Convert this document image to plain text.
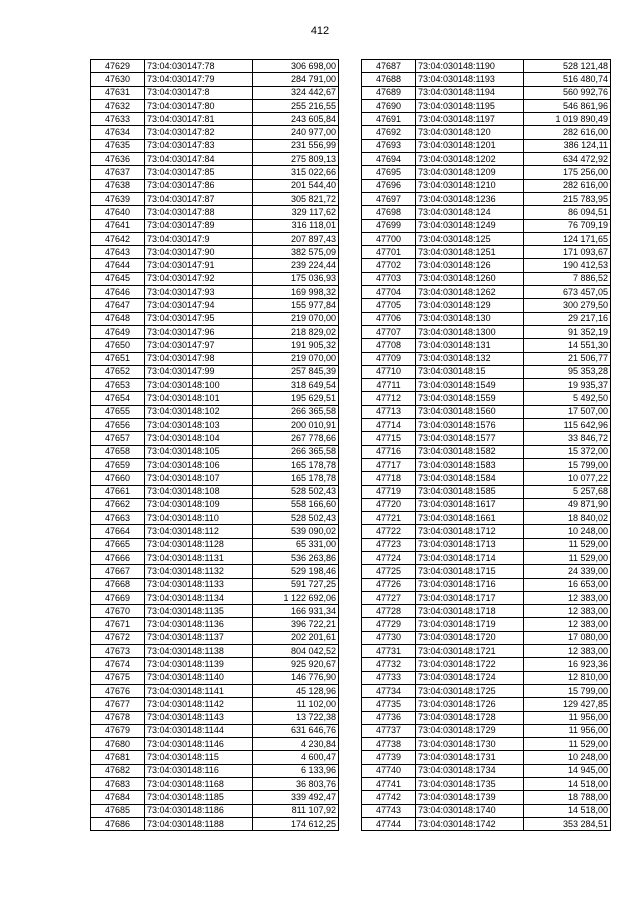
412
47629	73:04:030147:78	306 698,00
47630	73:04:030147:79	284 791,00
47631	73:04:030147:8	324 442,67
47632	73:04:030147:80	255 216,55
47633	73:04:030147:81	243 605,84
47634	73:04:030147:82	240 977,00
47635	73:04:030147:83	231 556,99
47636	73:04:030147:84	275 809,13
47637	73:04:030147:85	315 022,66
47638	73:04:030147:86	201 544,40
47639	73:04:030147:87	305 821,72
47640	73:04:030147:88	329 117,62
47641	73:04:030147:89	316 118,01
47642	73:04:030147:9	207 897,43
47643	73:04:030147:90	382 575,09
47644	73:04:030147:91	239 224,44
47645	73:04:030147:92	175 036,93
47646	73:04:030147:93	169 998,32
47647	73:04:030147:94	155 977,84
47648	73:04:030147:95	219 070,00
47649	73:04:030147:96	218 829,02
47650	73:04:030147:97	191 905,32
47651	73:04:030147:98	219 070,00
47652	73:04:030147:99	257 845,39
47653	73:04:030148:100	318 649,54
47654	73:04:030148:101	195 629,51
47655	73:04:030148:102	266 365,58
47656	73:04:030148:103	200 010,91
47657	73:04:030148:104	267 778,66
47658	73:04:030148:105	266 365,58
47659	73:04:030148:106	165 178,78
47660	73:04:030148:107	165 178,78
47661	73:04:030148:108	528 502,43
47662	73:04:030148:109	558 166,60
47663	73:04:030148:110	528 502,43
47664	73:04:030148:112	539 090,02
47665	73:04:030148:1128	65 331,00
47666	73:04:030148:1131	536 263,86
47667	73:04:030148:1132	529 198,46
47668	73:04:030148:1133	591 727,25
47669	73:04:030148:1134	1 122 692,06
47670	73:04:030148:1135	166 931,34
47671	73:04:030148:1136	396 722,21
47672	73:04:030148:1137	202 201,61
47673	73:04:030148:1138	804 042,52
47674	73:04:030148:1139	925 920,67
47675	73:04:030148:1140	146 776,90
47676	73:04:030148:1141	45 128,96
47677	73:04:030148:1142	11 102,00
47678	73:04:030148:1143	13 722,38
47679	73:04:030148:1144	631 646,76
47680	73:04:030148:1146	4 230,84
47681	73:04:030148:115	4 600,47
47682	73:04:030148:116	6 133,96
47683	73:04:030148:1168	36 803,76
47684	73:04:030148:1185	339 492,47
47685	73:04:030148:1186	811 107,92
47686	73:04:030148:1188	174 612,25
47687	73:04:030148:1190	528 121,48
47688	73:04:030148:1193	516 480,74
47689	73:04:030148:1194	560 992,76
47690	73:04:030148:1195	546 861,96
47691	73:04:030148:1197	1 019 890,49
47692	73:04:030148:120	282 616,00
47693	73:04:030148:1201	386 124,11
47694	73:04:030148:1202	634 472,92
47695	73:04:030148:1209	175 256,00
47696	73:04:030148:1210	282 616,00
47697	73:04:030148:1236	215 783,95
47698	73:04:030148:124	86 094,51
47699	73:04:030148:1249	76 709,19
47700	73:04:030148:125	124 171,65
47701	73:04:030148:1251	171 093,67
47702	73:04:030148:126	190 412,53
47703	73:04:030148:1260	7 886,52
47704	73:04:030148:1262	673 457,05
47705	73:04:030148:129	300 279,50
47706	73:04:030148:130	29 217,16
47707	73:04:030148:1300	91 352,19
47708	73:04:030148:131	14 551,30
47709	73:04:030148:132	21 506,77
47710	73:04:030148:15	95 353,28
47711	73:04:030148:1549	19 935,37
47712	73:04:030148:1559	5 492,50
47713	73:04:030148:1560	17 507,00
47714	73:04:030148:1576	115 642,96
47715	73:04:030148:1577	33 846,72
47716	73:04:030148:1582	15 372,00
47717	73:04:030148:1583	15 799,00
47718	73:04:030148:1584	10 077,22
47719	73:04:030148:1585	5 257,68
47720	73:04:030148:1617	49 871,90
47721	73:04:030148:1661	18 840,02
47722	73:04:030148:1712	10 248,00
47723	73:04:030148:1713	11 529,00
47724	73:04:030148:1714	11 529,00
47725	73:04:030148:1715	24 339,00
47726	73:04:030148:1716	16 653,00
47727	73:04:030148:1717	12 383,00
47728	73:04:030148:1718	12 383,00
47729	73:04:030148:1719	12 383,00
47730	73:04:030148:1720	17 080,00
47731	73:04:030148:1721	12 383,00
47732	73:04:030148:1722	16 923,36
47733	73:04:030148:1724	12 810,00
47734	73:04:030148:1725	15 799,00
47735	73:04:030148:1726	129 427,85
47736	73:04:030148:1728	11 956,00
47737	73:04:030148:1729	11 956,00
47738	73:04:030148:1730	11 529,00
47739	73:04:030148:1731	10 248,00
47740	73:04:030148:1734	14 945,00
47741	73:04:030148:1735	14 518,00
47742	73:04:030148:1739	18 788,00
47743	73:04:030148:1740	14 518,00
47744	73:04:030148:1742	353 284,51
